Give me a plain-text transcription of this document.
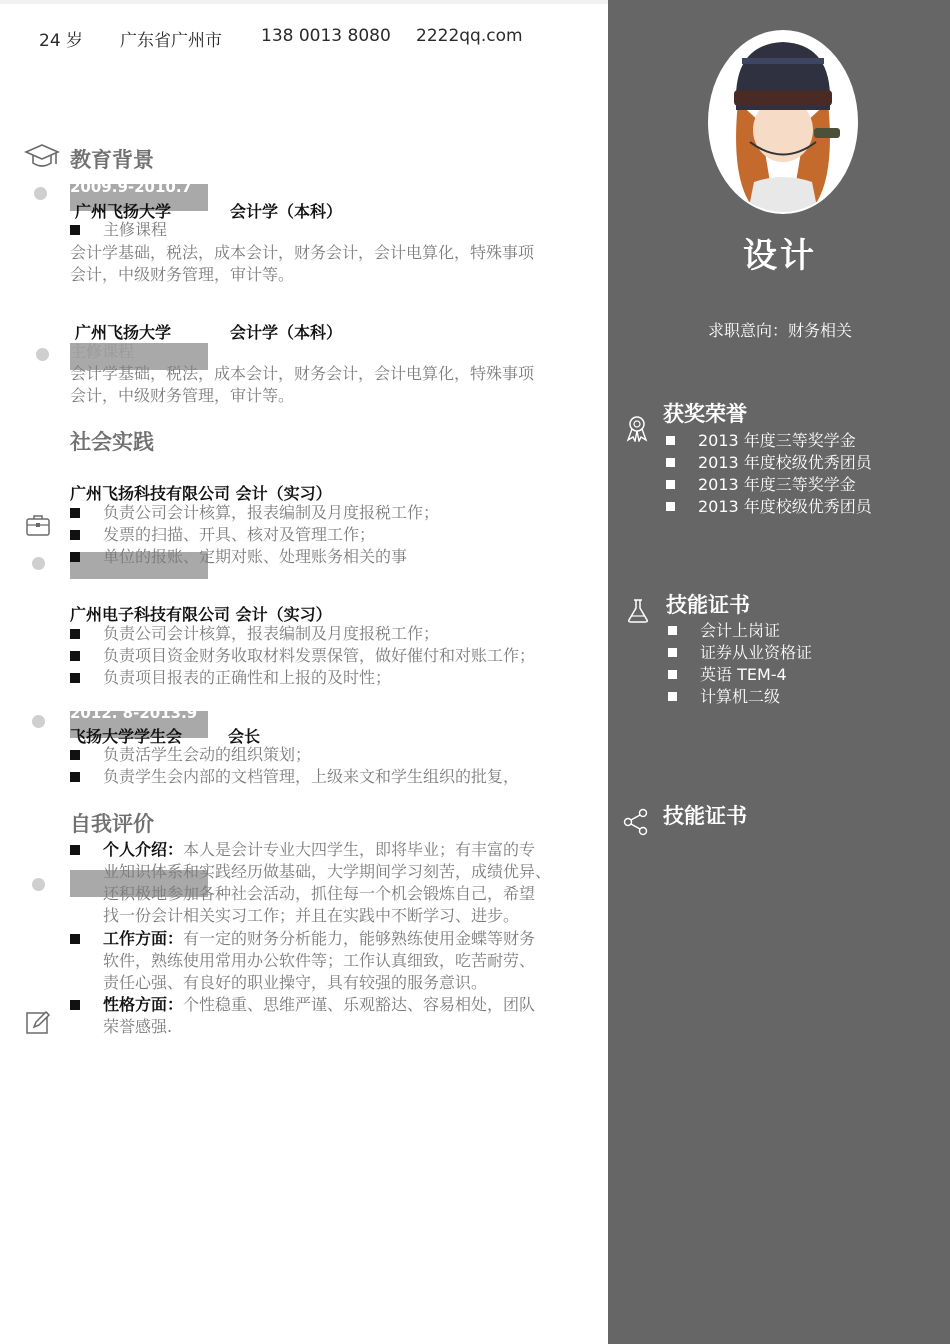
24 岁 广东省广州市 138 0013 8080 2222qq.com
教育背景
2009.9-2010.7
广州飞扬大学	会计学（本科）
主修课程
会计学基础，税法，成本会计，财务会计，会计电算化，特殊事项
会计，中级财务管理，审计等。
广州飞扬大学	会计学（本科）
主修课程
会计学基础，税法，成本会计，财务会计，会计电算化，特殊事项
会计，中级财务管理，审计等。
社会实践
广州飞扬科技有限公司 会计（实习）
负责公司会计核算，报表编制及月度报税工作；
发票的扫描、开具、核对及管理工作；
单位的报账、定期对账、处理账务相关的事
广州电子科技有限公司 会计（实习）
负责公司会计核算，报表编制及月度报税工作；
负责项目资金财务收取材料发票保管，做好催付和对账工作；
负责项目报表的正确性和上报的及时性；
2012. 8-2013.9
飞扬大学学生会	会长
负责活学生会动的组织策划；
负责学生会内部的文档管理，上级来文和学生组织的批复，
自我评价
个人介绍：本人是会计专业大四学生，即将毕业；有丰富的专
业知识体系和实践经历做基础，大学期间学习刻苦，成绩优异、
还积极地参加各种社会活动，抓住每一个机会锻炼自己，希望
找一份会计相关实习工作；并且在实践中不断学习、进步。
工作方面：有一定的财务分析能力，能够熟练使用金蝶等财务
软件，熟练使用常用办公软件等；工作认真细致，吃苦耐劳、
责任心强、有良好的职业操守，具有较强的服务意识。
性格方面：个性稳重、思维严谨、乐观豁达、容易相处，团队
荣誉感强.
设计
求职意向：财务相关
获奖荣誉
2013 年度三等奖学金
2013 年度校级优秀团员
2013 年度三等奖学金
2013 年度校级优秀团员
技能证书
会计上岗证
证券从业资格证
英语 TEM-4
计算机二级
技能证书
